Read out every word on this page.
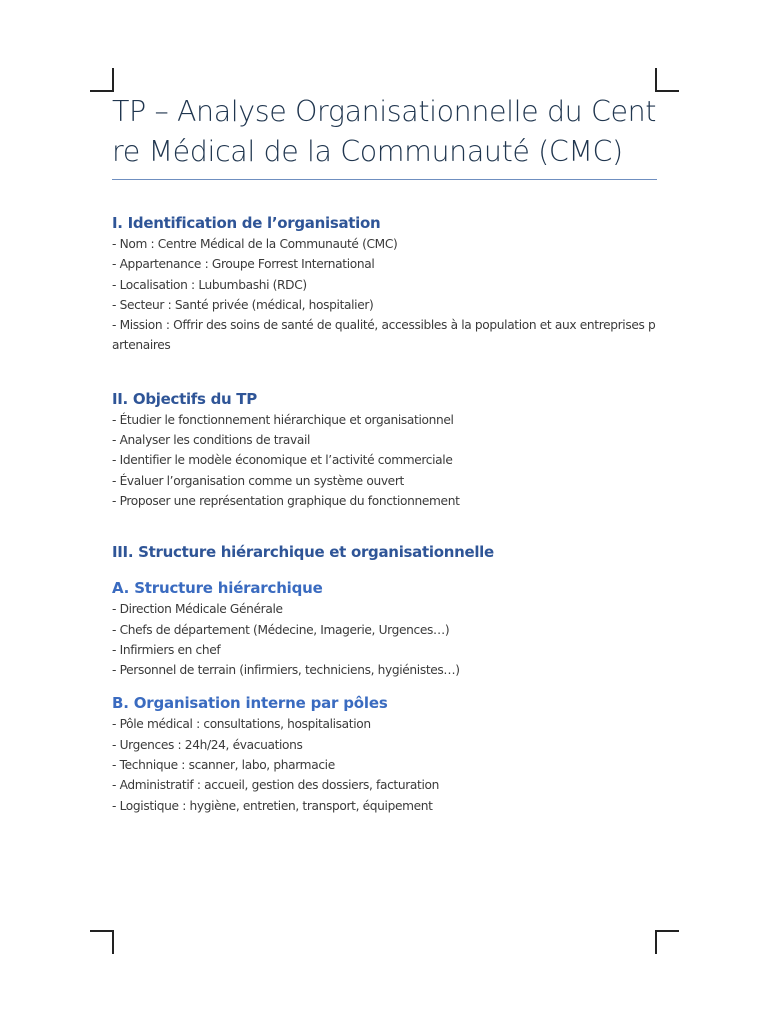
TP – Analyse Organisationnelle du Centre Médical de la Communauté (CMC)
I. Identification de l’organisation
- Nom : Centre Médical de la Communauté (CMC)
- Appartenance : Groupe Forrest International
- Localisation : Lubumbashi (RDC)
- Secteur : Santé privée (médical, hospitalier)
- Mission : Offrir des soins de santé de qualité, accessibles à la population et aux entreprises partenaires
II. Objectifs du TP
- Étudier le fonctionnement hiérarchique et organisationnel
- Analyser les conditions de travail
- Identifier le modèle économique et l’activité commerciale
- Évaluer l’organisation comme un système ouvert
- Proposer une représentation graphique du fonctionnement
III. Structure hiérarchique et organisationnelle
A. Structure hiérarchique
- Direction Médicale Générale
- Chefs de département (Médecine, Imagerie, Urgences…)
- Infirmiers en chef
- Personnel de terrain (infirmiers, techniciens, hygiénistes…)
B. Organisation interne par pôles
- Pôle médical : consultations, hospitalisation
- Urgences : 24h/24, évacuations
- Technique : scanner, labo, pharmacie
- Administratif : accueil, gestion des dossiers, facturation
- Logistique : hygiène, entretien, transport, équipement
